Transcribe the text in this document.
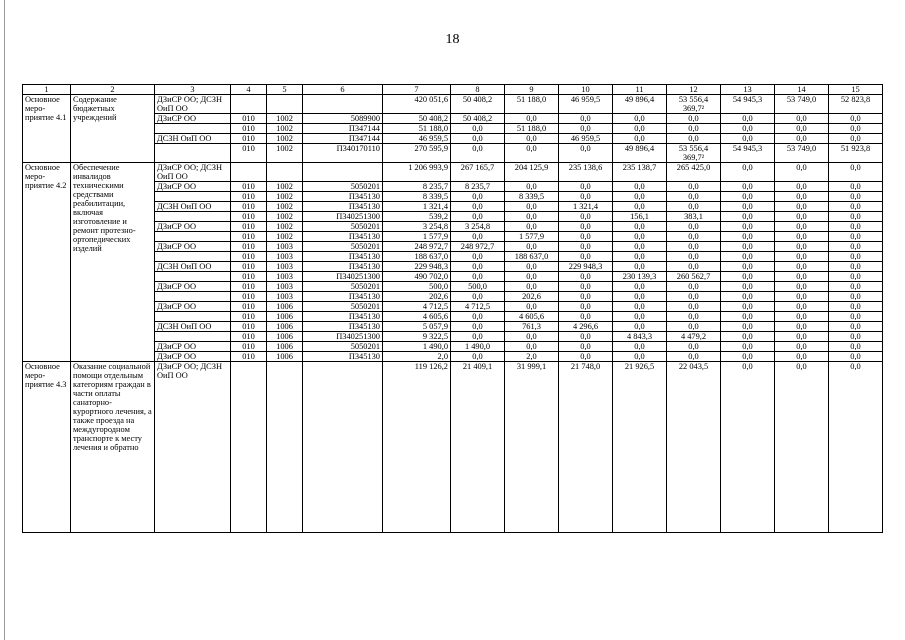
18
1	2	3	4	5	6	7	8	9	10	11	12	13	14	15
Основное меро-приятие 4.1	Содержание бюджетных учреждений	ДЗиСР ОО; ДСЗН ОиП ОО				420 051,6	50 408,2	51 188,0	46 959,5	49 896,4	53 556,4 369,7²	54 945,3	53 749,0	52 823,8
		ДЗиСР ОО	010	1002	5089900	50 408,2	50 408,2	0,0	0,0	0,0	0,0	0,0	0,0	0,0
			010	1002	П347144	51 188,0	0,0	51 188,0	0,0	0,0	0,0	0,0	0,0	0,0
		ДСЗН ОиП ОО	010	1002	П347144	46 959,5	0,0	0,0	46 959,5	0,0	0,0	0,0	0,0	0,0
			010	1002	П340170110	270 595,9	0,0	0,0	0,0	49 896,4	53 556,4 369,7²	54 945,3	53 749,0	51 923,8
Основное меро-приятие 4.2	Обеспечение инвалидов техническими средствами реабилитации, включая изготовление и ремонт протезно-ортопедических изделий	ДЗиСР ОО; ДСЗН ОиП ОО				1 206 993,9	267 165,7	204 125,9	235 138,6	235 138,7	265 425,0	0,0	0,0	0,0
		ДЗиСР ОО	010	1002	5050201	8 235,7	8 235,7	0,0	0,0	0,0	0,0	0,0	0,0	0,0
			010	1002	П345130	8 339,5	0,0	8 339,5	0,0	0,0	0,0	0,0	0,0	0,0
		ДСЗН ОиП ОО	010	1002	П345130	1 321,4	0,0	0,0	1 321,4	0,0	0,0	0,0	0,0	0,0
			010	1002	П340251300	539,2	0,0	0,0	0,0	156,1	383,1	0,0	0,0	0,0
		ДЗиСР ОО	010	1002	5050201	3 254,8	3 254,8	0,0	0,0	0,0	0,0	0,0	0,0	0,0
			010	1002	П345130	1 577,9	0,0	1 577,9	0,0	0,0	0,0	0,0	0,0	0,0
		ДЗиСР ОО	010	1003	5050201	248 972,7	248 972,7	0,0	0,0	0,0	0,0	0,0	0,0	0,0
			010	1003	П345130	188 637,0	0,0	188 637,0	0,0	0,0	0,0	0,0	0,0	0,0
		ДСЗН ОиП ОО	010	1003	П345130	229 948,3	0,0	0,0	229 948,3	0,0	0,0	0,0	0,0	0,0
			010	1003	П340251300	490 702,0	0,0	0,0	0,0	230 139,3	260 562,7	0,0	0,0	0,0
		ДЗиСР ОО	010	1003	5050201	500,0	500,0	0,0	0,0	0,0	0,0	0,0	0,0	0,0
			010	1003	П345130	202,6	0,0	202,6	0,0	0,0	0,0	0,0	0,0	0,0
		ДЗиСР ОО	010	1006	5050201	4 712,5	4 712,5	0,0	0,0	0,0	0,0	0,0	0,0	0,0
			010	1006	П345130	4 605,6	0,0	4 605,6	0,0	0,0	0,0	0,0	0,0	0,0
		ДСЗН ОиП ОО	010	1006	П345130	5 057,9	0,0	761,3	4 296,6	0,0	0,0	0,0	0,0	0,0
			010	1006	П340251300	9 322,5	0,0	0,0	0,0	4 843,3	4 479,2	0,0	0,0	0,0
		ДЗиСР ОО	010	1006	5050201	1 490,0	1 490,0	0,0	0,0	0,0	0,0	0,0	0,0	0,0
		ДЗиСР ОО	010	1006	П345130	2,0	0,0	2,0	0,0	0,0	0,0	0,0	0,0	0,0
Основное меро-приятие 4.3	Оказание социальной помощи отдельным категориям граждан в части оплаты санаторно-курортного лечения, а также проезда на междугородном транспорте к месту лечения и обратно	ДЗиСР ОО; ДСЗН ОиП ОО				119 126,2	21 409,1	31 999,1	21 748,0	21 926,5	22 043,5	0,0	0,0	0,0
